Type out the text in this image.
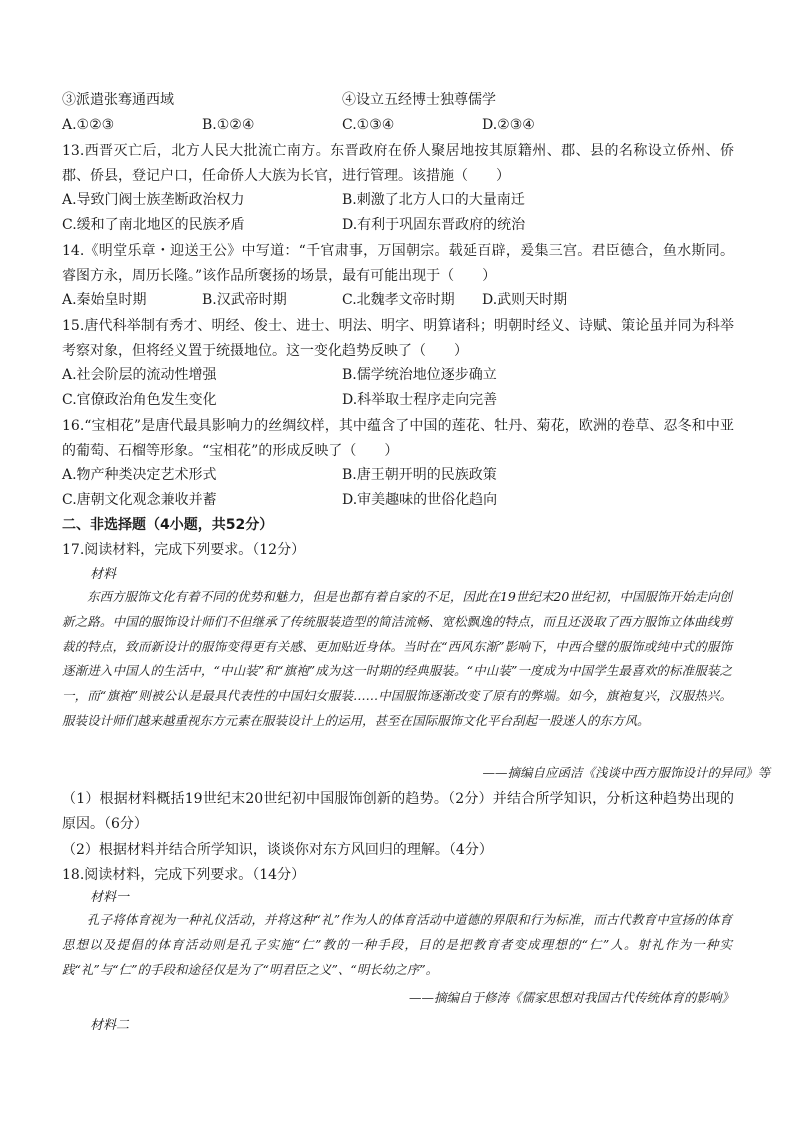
③派遣张骞通西域	④设立五经博士独尊儒学
A.①②③	B.①②④	C.①③④	D.②③④
13.西晋灭亡后，北方人民大批流亡南方。东晋政府在侨人聚居地按其原籍州、郡、县的名称设立侨州、侨郡、侨县，登记户口，任命侨人大族为长官，进行管理。该措施（　　）
A.导致门阀士族垄断政治权力	B.刺激了北方人口的大量南迁
C.缓和了南北地区的民族矛盾	D.有利于巩固东晋政府的统治
14.《明堂乐章・迎送王公》中写道：“千官肃事，万国朝宗。载延百辟，爰集三宫。君臣德合，鱼水斯同。睿图方永，周历长隆。”该作品所褒扬的场景，最有可能出现于（　　）
A.秦始皇时期	B.汉武帝时期	C.北魏孝文帝时期 D.武则天时期
15.唐代科举制有秀才、明经、俊士、进士、明法、明字、明算诸科；明朝时经义、诗赋、策论虽并同为科举考察对象，但将经义置于统摄地位。这一变化趋势反映了（　　）
A.社会阶层的流动性增强	B.儒学统治地位逐步确立
C.官僚政治角色发生变化	D.科举取士程序走向完善
16.“宝相花”是唐代最具影响力的丝绸纹样，其中蕴含了中国的莲花、牡丹、菊花，欧洲的卷草、忍冬和中亚的葡萄、石榴等形象。“宝相花”的形成反映了（　　）
A.物产种类决定艺术形式	B.唐王朝开明的民族政策
C.唐朝文化观念兼收并蓄	D.审美趣味的世俗化趋向
二、非选择题（4小题，共52分）
17.阅读材料，完成下列要求。（12分）
材料

东西方服饰文化有着不同的优势和魅力，但是也都有着自家的不足，因此在19世纪末20世纪初，中国服饰开始走向创新之路。中国的服饰设计师们不但继承了传统服装造型的简洁流畅、宽松飘逸的特点，而且还汲取了西方服饰立体曲线剪裁的特点，致而新设计的服饰变得更有关感、更加贴近身体。当时在“西风东渐”影响下，中西合璧的服饰或纯中式的服饰逐渐进入中国人的生活中，“中山装”和“旗袍”成为这一时期的经典服装。“中山装”一度成为中国学生最喜欢的标准服装之一，而“旗袍”则被公认是最具代表性的中国妇女服装……中国服饰逐渐改变了原有的弊端。如今，旗袍复兴，汉服热兴。服装设计师们越来越重视东方元素在服装设计上的运用，甚至在国际服饰文化平台刮起一股迷人的东方风。

——摘编自应函洁《浅谈中西方服饰设计的异同》等
（1）根据材料概括19世纪末20世纪初中国服饰创新的趋势。（2分）并结合所学知识，分析这种趋势出现的原因。（6分）
（2）根据材料并结合所学知识，谈谈你对东方风回归的理解。（4分）
18.阅读材料，完成下列要求。（14分）
材料一

孔子将体育视为一种礼仪活动，并将这种“礼”作为人的体育活动中道德的界限和行为标准，而古代教育中宣扬的体育思想以及提倡的体育活动则是孔子实施“仁”教的一种手段，目的是把教育者变成理想的“仁”人。射礼作为一种实践“礼”与“仁”的手段和途径仅是为了“明君臣之义”、“明长幼之序”。

——摘编自于修涛《儒家思想对我国古代传统体育的影响》
材料二
